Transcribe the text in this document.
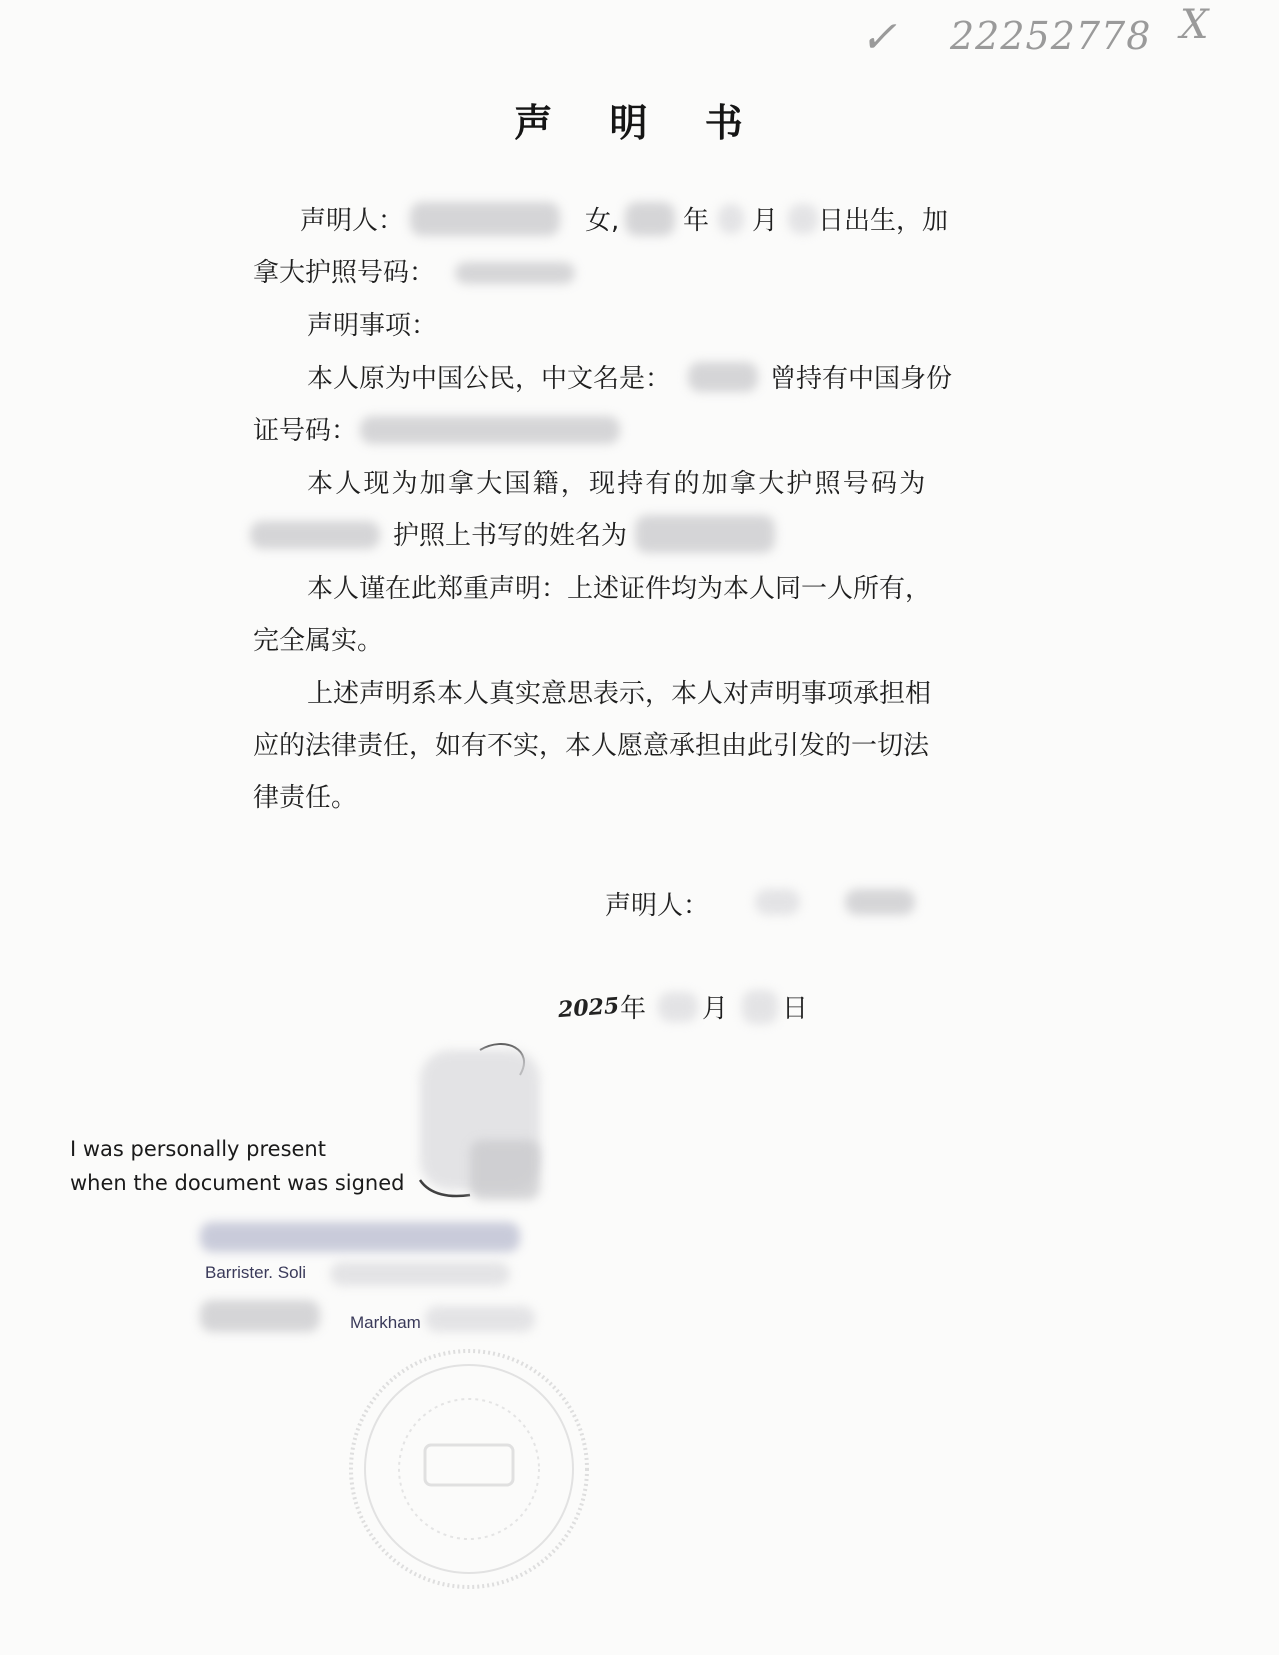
✓ 22252778 X
声 明 书
声明人：	女, 年 月 日出生，加
拿大护照号码：
声明事项：
本人原为中国公民，中文名是：	曾持有中国身份
证号码：
本人现为加拿大国籍，现持有的加拿大护照号码为
护照上书写的姓名为
本人谨在此郑重声明：上述证件均为本人同一人所有，
完全属实。
上述声明系本人真实意思表示，本人对声明事项承担相
应的法律责任，如有不实，本人愿意承担由此引发的一切法
律责任。
声明人：
2025 年 月 日
I was personally present
when the document was signed
Barrister. Soli
Markham
